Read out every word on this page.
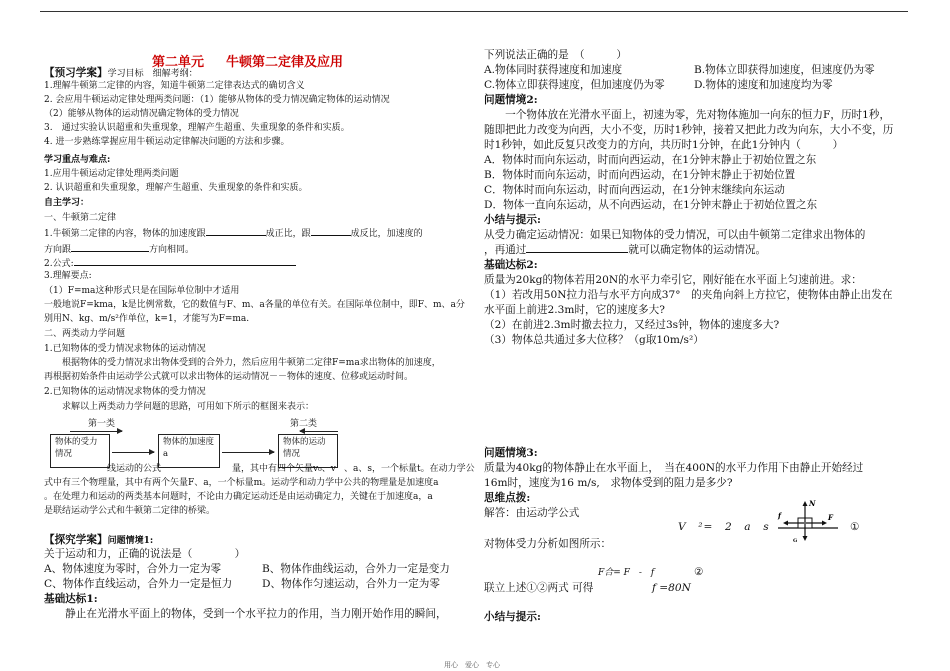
第二单元 牛顿第二定律及应用
【预习学案】学习目标　细解考纲：
1.理解牛顿第二定律的内容，知道牛顿第二定律表达式的确切含义
2. 会应用牛顿运动定律处理两类问题：（1）能够从物体的受力情况确定物体的运动情况
（2）能够从物体的运动情况确定物体的受力情况
3.　通过实验认识超重和失重现象，理解产生超重、失重现象的条件和实质。
4. 进一步熟练掌握应用牛顿运动定律解决问题的方法和步骤。
学习重点与难点:
1.应用牛顿运动定律处理两类问题
2. 认识超重和失重现象，理解产生超重、失重现象的条件和实质。
自主学习：
一、牛顿第二定律
1.牛顿第二定律的内容，物体的加速度跟	成正比，跟	成反比，加速度的
方向跟	方向相同。
2.公式:
3.理解要点:
（1）F=ma这种形式只是在国际单位制中才适用
一般地说F=kma，k是比例常数，它的数值与F、m、a各量的单位有关。在国际单位制中，即F、m、a分
别用N、kg、m/s²作单位，k=1，才能写为F=ma.
二、两类动力学问题
1.已知物体的受力情况求物体的运动情况
　　根据物体的受力情况求出物体受到的合外力，然后应用牛顿第二定律F=ma求出物体的加速度，
再根据初始条件由运动学公式就可以求出物体的运动情况－－物体的速度、位移或运动时间。
2.已知物体的运动情况求物体的受力情况
　　求解以上两类动力学问题的思路，可用如下所示的框图来表示：
第一类	第二类
物体的受力情况
物体的加速度 a
物体的运动情况
　　　　　　　线运动的公式	量，其中有四个矢量v₀、v 、a、s，一个标量t。在动力学公
式中有三个物理量，其中有两个矢量F、a，一个标量m。运动学和动力学中公共的物理量是加速度a
。在处理力和运动的两类基本问题时，不论由力确定运动还是由运动确定力，关键在于加速度a，a
是联结运动学公式和牛顿第二定律的桥梁。
【探究学案】问题情境1:
关于运动和力，正确的说法是（　　　　）
A、物体速度为零时，合外力一定为零	B、物体作曲线运动，合外力一定是变力
C、物体作直线运动，合外力一定是恒力	D、物体作匀速运动，合外力一定为零
基础达标1:
　　静止在光滑水平面上的物体，受到一个水平拉力的作用，当力刚开始作用的瞬间，
下列说法正确的是　（　　　）
A.物体同时获得速度和加速度	B.物体立即获得加速度，但速度仍为零
C.物体立即获得速度，但加速度仍为零	D.物体的速度和加速度均为零
问题情境2:
　　一个物体放在光滑水平面上，初速为零，先对物体施加一向东的恒力F，历时1秒，
随即把此力改变为向西，大小不变，历时1秒钟，接着又把此力改为向东，大小不变，历
时1秒钟，如此反复只改变力的方向，共历时1分钟，在此1分钟内（　　　）
A．物体时而向东运动，时而向西运动，在1分钟末静止于初始位置之东
B．物体时而向东运动，时而向西运动，在1分钟末静止于初始位置
C．物体时而向东运动，时而向西运动，在1分钟末继续向东运动
D．物体一直向东运动，从不向西运动，在1分钟末静止于初始位置之东
小结与提示:
从受力确定运动情况：如果已知物体的受力情况，可以由牛顿第二定律求出物体的
，再通过	就可以确定物体的运动情况。
基础达标2:
质量为20kg的物体若用20N的水平力牵引它，刚好能在水平面上匀速前进。求：
（1）若改用50N拉力沿与水平方向成37°　的夹角向斜上方拉它，使物体由静止出发在
水平面上前进2.3m时，它的速度多大?
（2）在前进2.3m时撤去拉力，又经过3s钟，物体的速度多大?
（3）物体总共通过多大位移？（g取10m/s²）
问题情境3:
质量为40kg的物体静止在水平面上，　当在400N的水平力作用下由静止开始经过
16m时，速度为16 m/s,　求物体受到的阻力是多少?
思维点拨:
解答：由运动学公式
V　²=　2　a　s	①
对物体受力分析如图所示：
F合= F　-　f	②
联立上述①②两式 可得	f =80N
小结与提示:
N
f	F
G
用心　爱心　专心
